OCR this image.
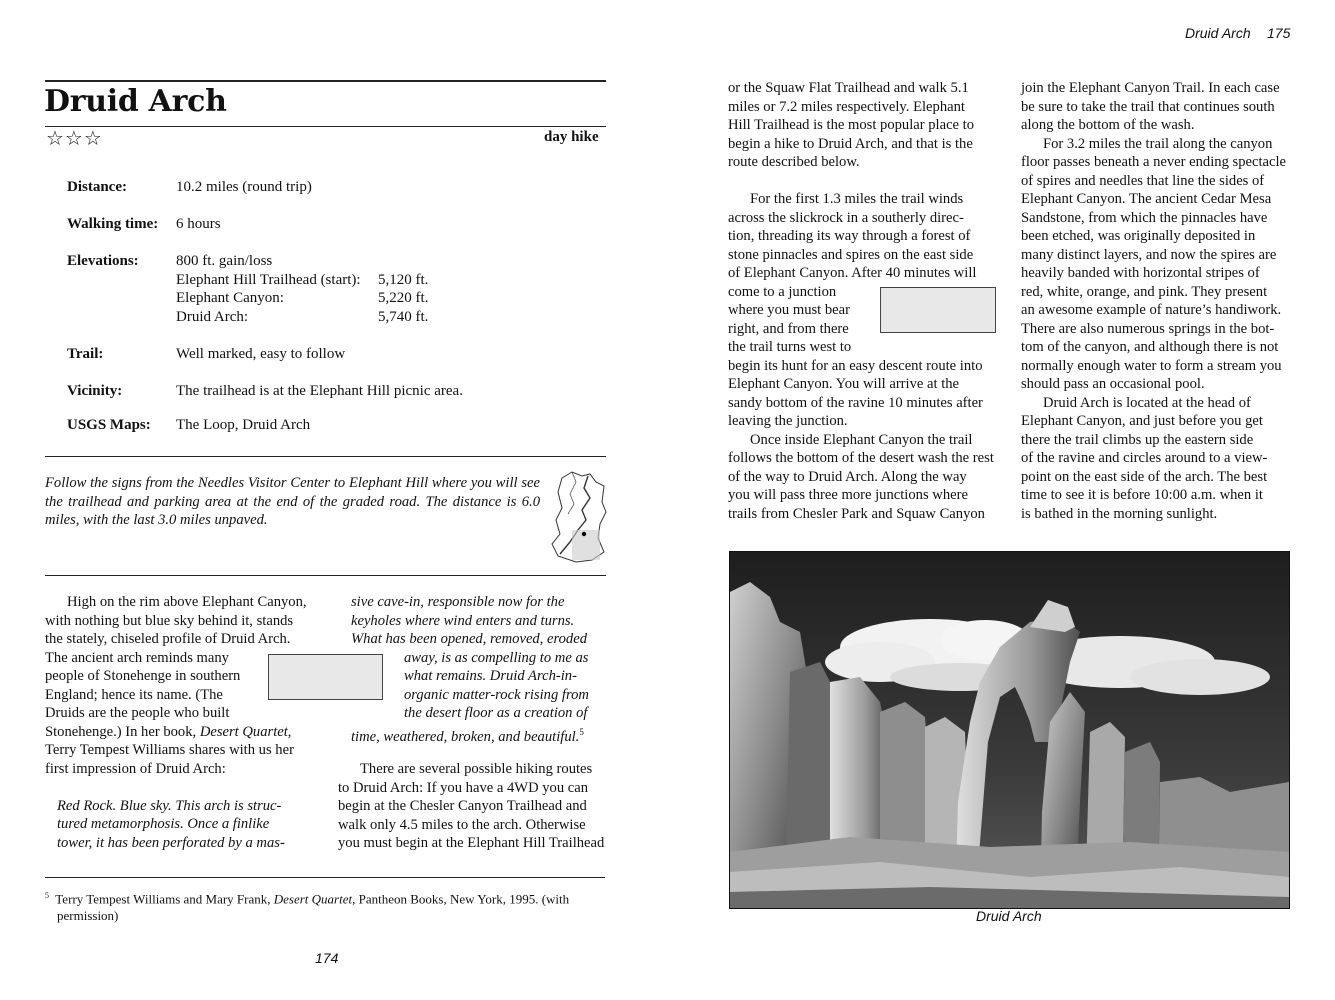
Druid Arch 175
Druid Arch
☆☆☆	day hike
Distance:	10.2 miles (round trip)
Walking time: 6 hours
Elevations: 800 ft. gain/loss
Elephant Hill Trailhead (start): 5,120 ft.
Elephant Canyon:	5,220 ft.
Druid Arch:	5,740 ft.
Trail:	Well marked, easy to follow
Vicinity:	The trailhead is at the Elephant Hill picnic area.
USGS Maps: The Loop, Druid Arch
Follow the signs from the Needles Visitor Center to Elephant Hill where you will see the trailhead and parking area at the end of the graded road. The distance is 6.0 miles, with the last 3.0 miles unpaved.

High on the rim above Elephant Canyon,

with nothing but blue sky behind it, stands

the stately, chiseled profile of Druid Arch.

The ancient arch reminds many

people of Stonehenge in southern

England; hence its name. (The

Druids are the people who built

Stonehenge.) In her book, Desert Quartet,

Terry Tempest Williams shares with us her

first impression of Druid Arch:

Red Rock. Blue sky. This arch is struc-

tured metamorphosis. Once a finlike

tower, it has been perforated by a mas-

sive cave-in, responsible now for the

keyholes where wind enters and turns.

What has been opened, removed, eroded

away, is as compelling to me as

what remains. Druid Arch-in-

organic matter-rock rising from

the desert floor as a creation of

time, weathered, broken, and beautiful.$^5$

There are several possible hiking routes

to Druid Arch: If you have a 4WD you can

begin at the Chesler Canyon Trailhead and

walk only 4.5 miles to the arch. Otherwise

you must begin at the Elephant Hill Trailhead

$^5$ Terry Tempest Williams and Mary Frank, Desert Quartet, Pantheon Books, New York, 1995. (with
permission)
174

or the Squaw Flat Trailhead and walk 5.1

miles or 7.2 miles respectively. Elephant

Hill Trailhead is the most popular place to

begin a hike to Druid Arch, and that is the

route described below.

For the first 1.3 miles the trail winds

across the slickrock in a southerly direc-

tion, threading its way through a forest of

stone pinnacles and spires on the east side

of Elephant Canyon. After 40 minutes will

come to a junction

where you must bear

right, and from there

the trail turns west to

begin its hunt for an easy descent route into

Elephant Canyon. You will arrive at the

sandy bottom of the ravine 10 minutes after

leaving the junction.

Once inside Elephant Canyon the trail

follows the bottom of the desert wash the rest

of the way to Druid Arch. Along the way

you will pass three more junctions where

trails from Chesler Park and Squaw Canyon

join the Elephant Canyon Trail. In each case

be sure to take the trail that continues south

along the bottom of the wash.

For 3.2 miles the trail along the canyon

floor passes beneath a never ending spectacle

of spires and needles that line the sides of

Elephant Canyon. The ancient Cedar Mesa

Sandstone, from which the pinnacles have

been etched, was originally deposited in

many distinct layers, and now the spires are

heavily banded with horizontal stripes of

red, white, orange, and pink. They present

an awesome example of nature’s handiwork.

There are also numerous springs in the bot-

tom of the canyon, and although there is not

normally enough water to form a stream you

should pass an occasional pool.

Druid Arch is located at the head of

Elephant Canyon, and just before you get

there the trail climbs up the eastern side

of the ravine and circles around to a view-

point on the east side of the arch. The best

time to see it is before 10:00 a.m. when it

is bathed in the morning sunlight.

Druid Arch
